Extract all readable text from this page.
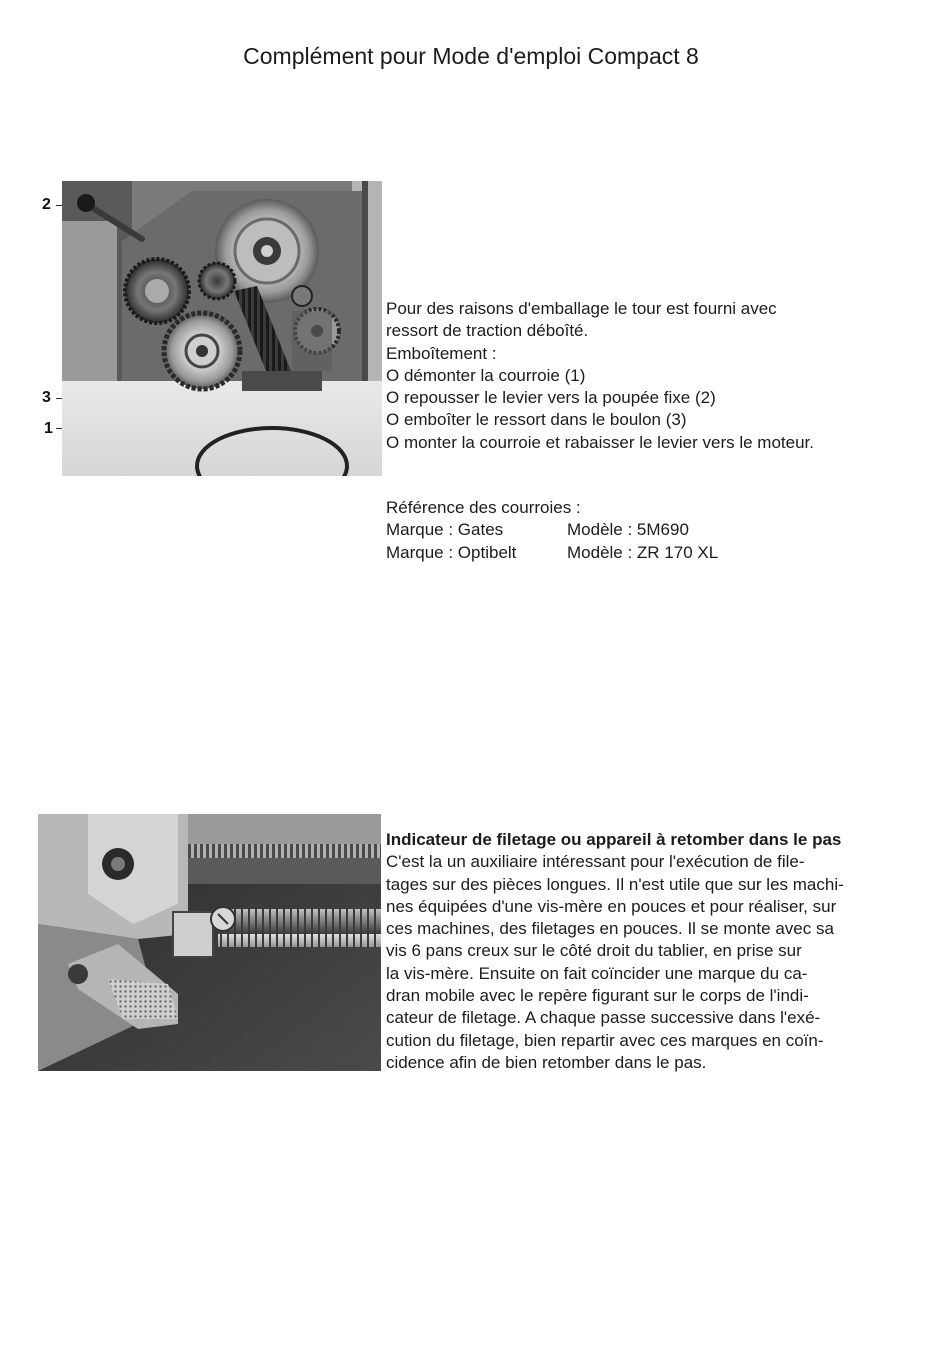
Complément pour Mode d'emploi Compact 8
2
3
1
Pour des raisons d'emballage le tour est fourni avec
ressort de traction déboîté.
Emboîtement :
O démonter la courroie (1)
O repousser le levier vers la poupée fixe (2)
O emboîter le ressort dans le boulon (3)
O monter la courroie et rabaisser le levier vers le moteur.
Référence des courroies :
Marque : Gates	Modèle : 5M690
Marque : Optibelt	Modèle : ZR 170 XL
Indicateur de filetage ou appareil à retomber dans le pas
C'est la un auxiliaire intéressant pour l'exécution de file-
tages sur des pièces longues. Il n'est utile que sur les machi-
nes équipées d'une vis-mère en pouces et pour réaliser, sur
ces machines, des filetages en pouces. Il se monte avec sa
vis 6 pans creux sur le côté droit du tablier, en prise sur
la vis-mère. Ensuite on fait coïncider une marque du ca-
dran mobile avec le repère figurant sur le corps de l'indi-
cateur de filetage. A chaque passe successive dans l'exé-
cution du filetage, bien repartir avec ces marques en coïn-
cidence afin de bien retomber dans le pas.
